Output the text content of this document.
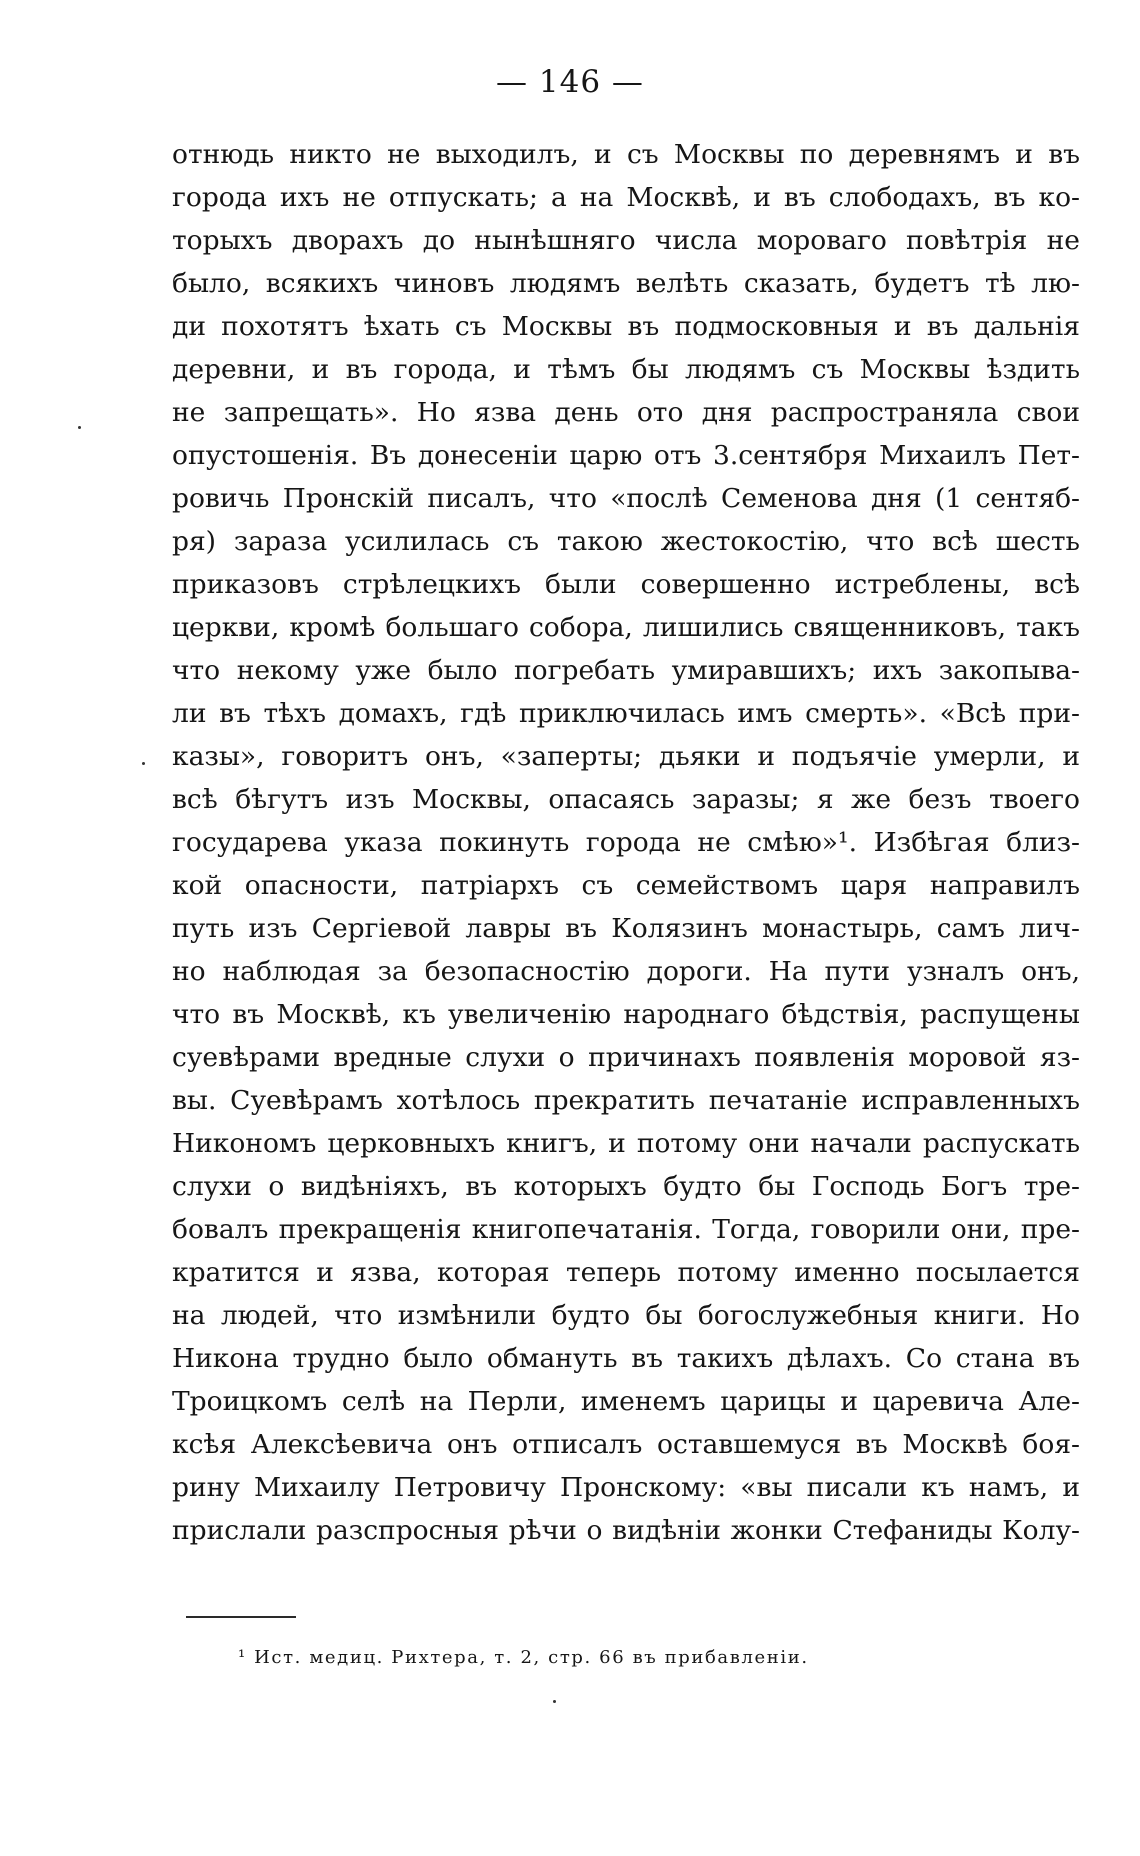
— 146 —
отнюдь никто не выходилъ, и съ Москвы по деревнямъ и въ
города ихъ не отпускать; а на Москвѣ, и въ слободахъ, въ ко-
торыхъ дворахъ до нынѣшняго числа мороваго повѣтрія не
было, всякихъ чиновъ людямъ велѣть сказать, будетъ тѣ лю-
ди похотятъ ѣхать съ Москвы въ подмосковныя и въ дальнія
деревни, и въ города, и тѣмъ бы людямъ съ Москвы ѣздить
не запрещать». Но язва день ото дня распространяла свои
опустошенія. Въ донесеніи царю отъ 3.сентября Михаилъ Пет-
ровичь Пронскій писалъ, что «послѣ Семенова дня (1 сентяб-
ря) зараза усилилась съ такою жестокостію, что всѣ шесть
приказовъ стрѣлецкихъ были совершенно истреблены, всѣ
церкви, кромѣ большаго собора, лишились священниковъ, такъ
что некому уже было погребать умиравшихъ; ихъ закопыва-
ли въ тѣхъ домахъ, гдѣ приключилась имъ смерть». «Всѣ при-
казы», говоритъ онъ, «заперты; дьяки и подъячіе умерли, и
всѣ бѣгутъ изъ Москвы, опасаясь заразы; я же безъ твоего
государева указа покинуть города не смѣю»¹. Избѣгая близ-
кой опасности, патріархъ съ семействомъ царя направилъ
путь изъ Сергіевой лавры въ Колязинъ монастырь, самъ лич-
но наблюдая за безопасностію дороги. На пути узналъ онъ,
что въ Москвѣ, къ увеличенію народнаго бѣдствія, распущены
суевѣрами вредные слухи о причинахъ появленія моровой яз-
вы. Суевѣрамъ хотѣлось прекратить печатаніе исправленныхъ
Никономъ церковныхъ книгъ, и потому они начали распускать
слухи о видѣніяхъ, въ которыхъ будто бы Господь Богъ тре-
бовалъ прекращенія книгопечатанія. Тогда, говорили они, пре-
кратится и язва, которая теперь потому именно посылается
на людей, что измѣнили будто бы богослужебныя книги. Но
Никона трудно было обмануть въ такихъ дѣлахъ. Со стана въ
Троицкомъ селѣ на Перли, именемъ царицы и царевича Але-
ксѣя Алексѣевича онъ отписалъ оставшемуся въ Москвѣ боя-
рину Михаилу Петровичу Пронскому: «вы писали къ намъ, и
прислали разспросныя рѣчи о видѣніи жонки Стефаниды Колу-
¹ Ист. медиц. Рихтера, т. 2, стр. 66 въ прибавленіи.
